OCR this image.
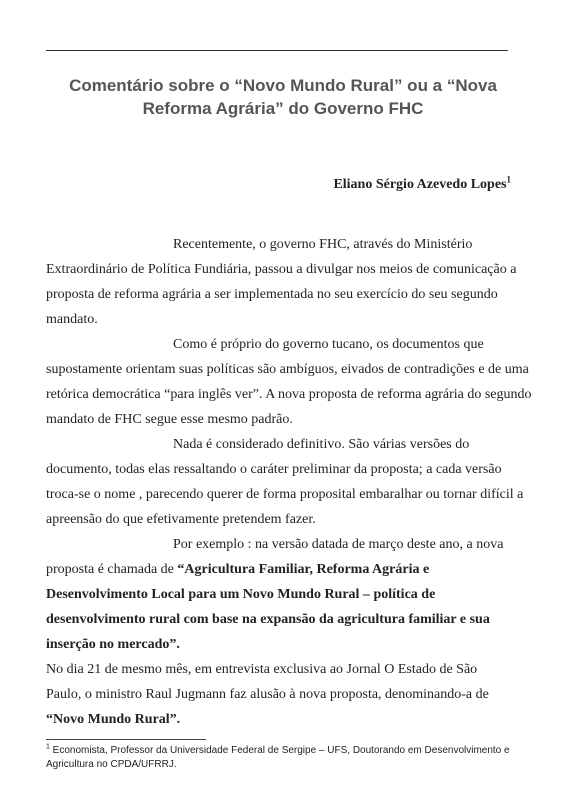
Comentário sobre o “Novo Mundo Rural” ou a “Nova
Reforma Agrária” do Governo FHC

Eliano Sérgio Azevedo Lopes$^1$

Recentemente, o governo FHC, através do Ministério

Extraordinário de Política Fundiária, passou a divulgar nos meios de comunicação a

proposta de reforma agrária a ser implementada no seu exercício do seu segundo

mandato.

Como é próprio do governo tucano, os documentos que

supostamente orientam suas políticas são ambíguos, eivados de contradições e de uma

retórica democrática “para inglês ver”. A nova proposta de reforma agrária do segundo

mandato de FHC segue esse mesmo padrão.

Nada é considerado definitivo. São várias versões do

documento, todas elas ressaltando o caráter preliminar da proposta; a cada versão

troca-se o nome , parecendo querer de forma proposital embaralhar ou tornar difícil a

apreensão do que efetivamente pretendem fazer.

Por exemplo : na versão datada de março deste ano, a nova

proposta é chamada de “Agricultura Familiar, Reforma Agrária e

Desenvolvimento Local para um Novo Mundo Rural – política de

desenvolvimento rural com base na expansão da agricultura familiar e sua

inserção no mercado”.

No dia 21 de mesmo mês, em entrevista exclusiva ao Jornal O Estado de São

Paulo, o ministro Raul Jugmann faz alusão à nova proposta, denominando-a de

“Novo Mundo Rural”.

$^1$ Economista, Professor da Universidade Federal de Sergipe – UFS, Doutorando em Desenvolvimento e

Agricultura no CPDA/UFRRJ.
